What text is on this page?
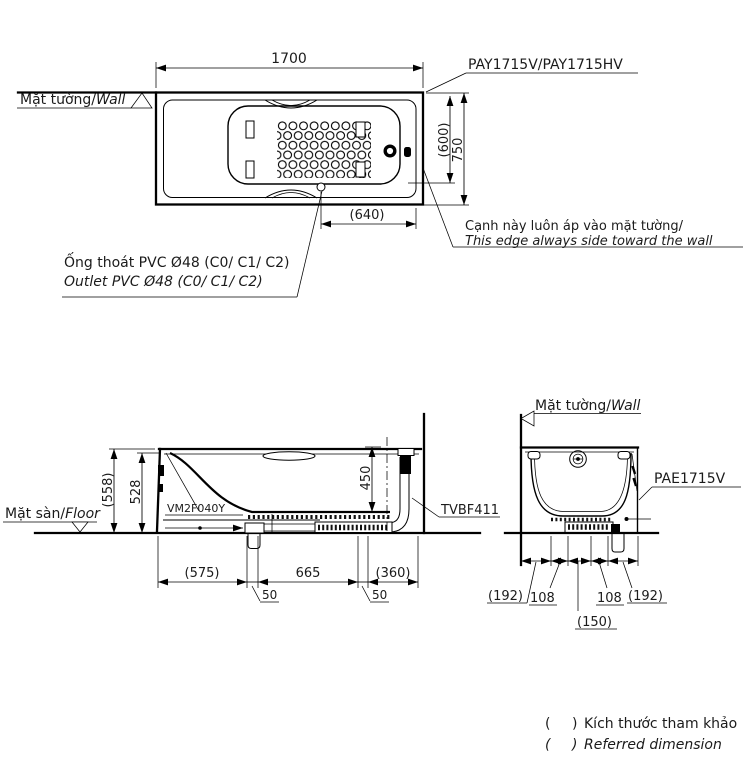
Mặt tường/Wall
1700
750
(600)
(640)
PAY1715V/PAY1715HV
Cạnh này luôn áp vào mặt tường/
This edge always side toward the wall
Ống thoát PVC Ø48 (C0/ C1/ C2)
Outlet PVC Ø48 (C0/ C1/ C2)
Mặt sàn/Floor	VM2F040Y	TVBF411
(558) 528
450
(575)	665	(360)
50	50
Mặt tường/Wall
PAE1715V
(192) 108	108 (192)
(150)
( ) Kích thước tham khảo
( ) Referred dimension
